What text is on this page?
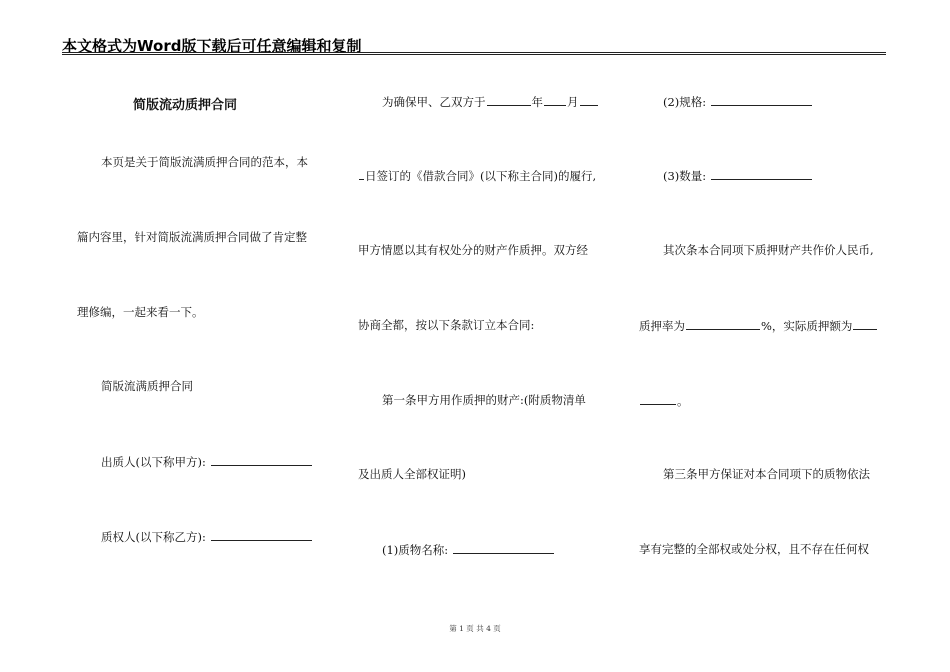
本文格式为Word版下载后可任意编辑和复制
简版流动质押合同
本页是关于简版流满质押合同的范本，本
篇内容里，针对简版流满质押合同做了肯定整
理修编，一起来看一下。
简版流满质押合同
出质人(以下称甲方):
质权人(以下称乙方):
为确保甲、乙双方于	年 月
日签订的《借款合同》(以下称主合同)的履行,
甲方情愿以其有权处分的财产作质押。双方经
协商全都，按以下条款订立本合同:
第一条甲方用作质押的财产:(附质物清单
及出质人全部权证明)
(1)质物名称:
(2)规格:
(3)数量:
其次条本合同项下质押财产共作价人民币,
质押率为	%，实际质押额为
。
第三条甲方保证对本合同项下的质物依法
享有完整的全部权或处分权，且不存在任何权
第 1 页 共 4 页
